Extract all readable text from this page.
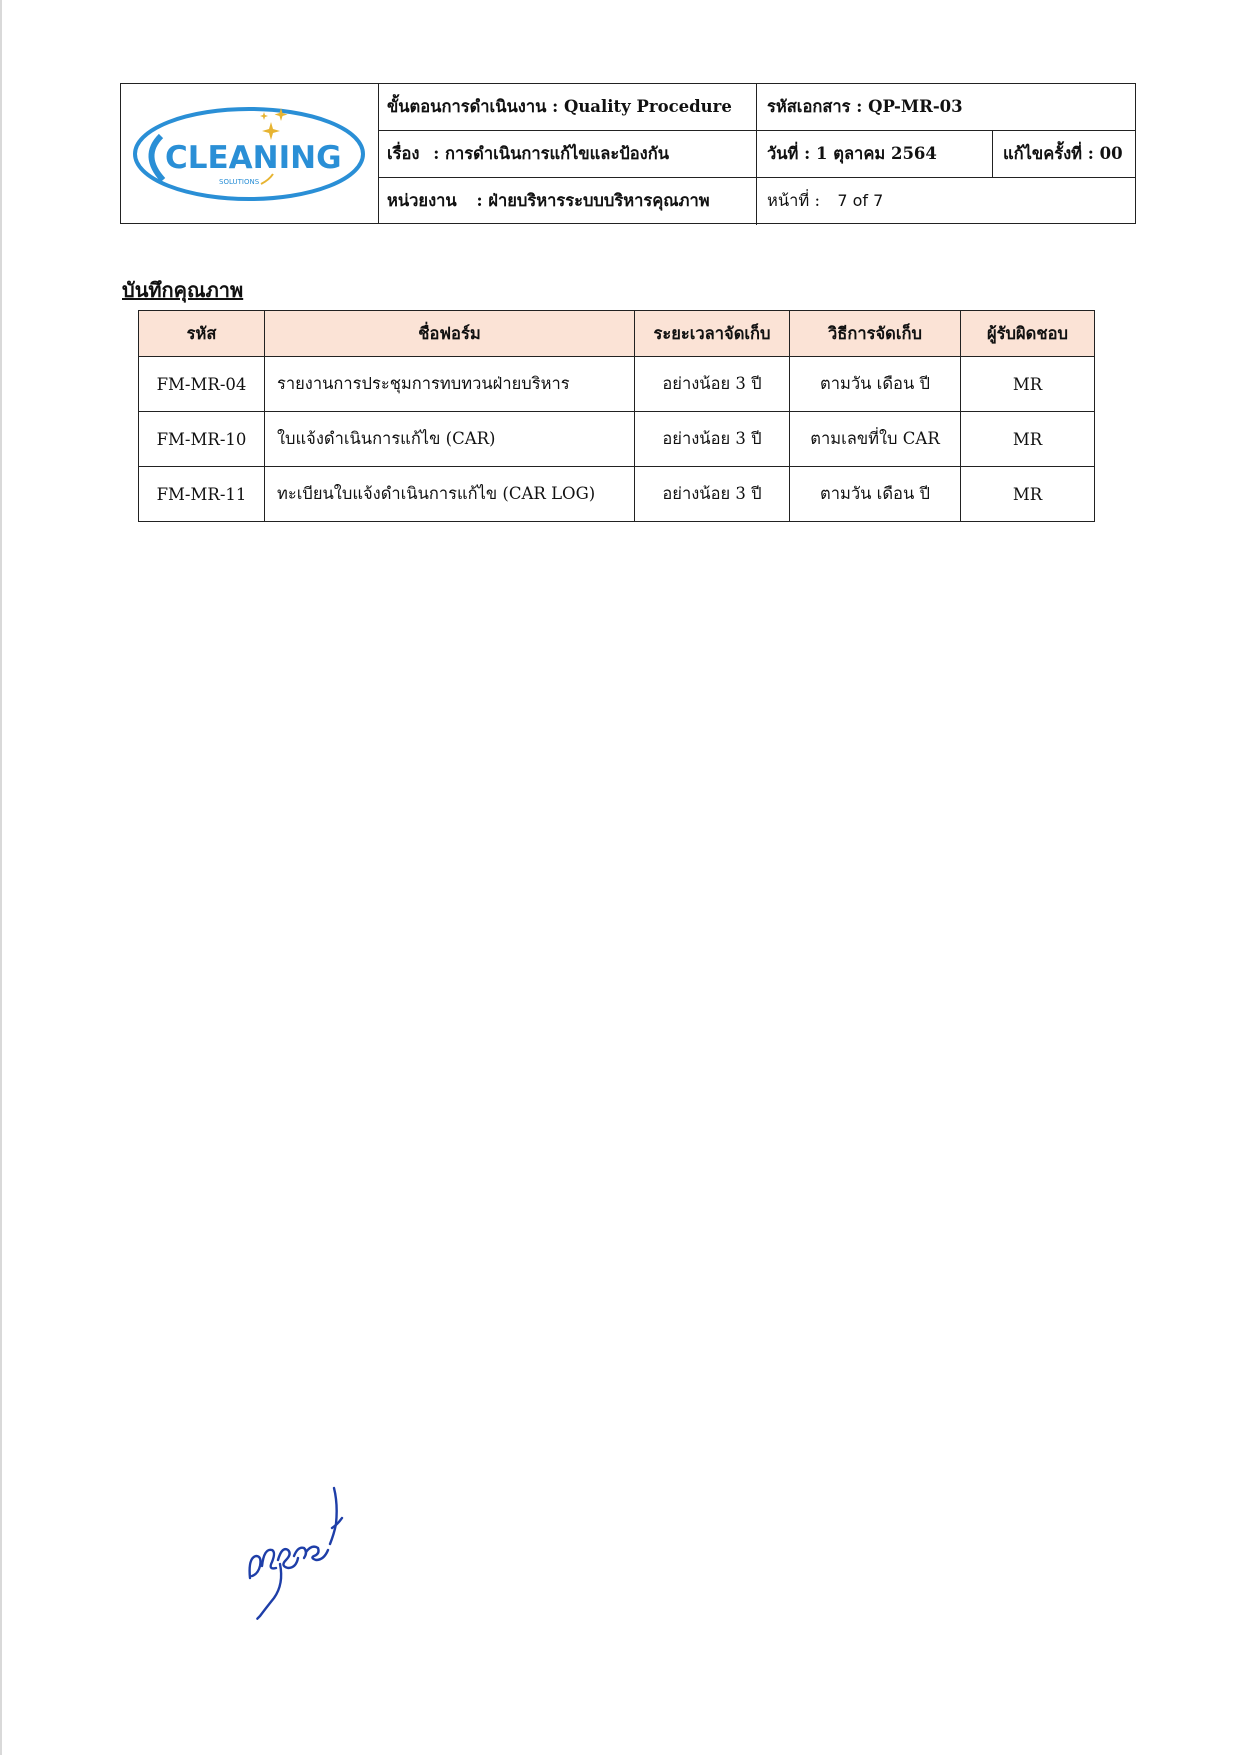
CLEANING
SOLUTIONS
ขั้นตอนการดำเนินงาน : Quality Procedure	รหัสเอกสาร : QP-MR-03
เรื่อง : การดำเนินการแก้ไขและป้องกัน	วันที่ : 1 ตุลาคม 2564	แก้ไขครั้งที่ : 00
หน่วยงาน : ฝ่ายบริหารระบบบริหารคุณภาพ	หน้าที่ : 7 of 7
บันทึกคุณภาพ
รหัส	ชื่อฟอร์ม	ระยะเวลาจัดเก็บ	วิธีการจัดเก็บ	ผู้รับผิดชอบ
FM-MR-04	รายงานการประชุมการทบทวนฝ่ายบริหาร	อย่างน้อย 3 ปี	ตามวัน เดือน ปี	MR
FM-MR-10	ใบแจ้งดำเนินการแก้ไข (CAR)	อย่างน้อย 3 ปี	ตามเลขที่ใบ CAR	MR
FM-MR-11	ทะเบียนใบแจ้งดำเนินการแก้ไข (CAR LOG)	อย่างน้อย 3 ปี	ตามวัน เดือน ปี	MR
